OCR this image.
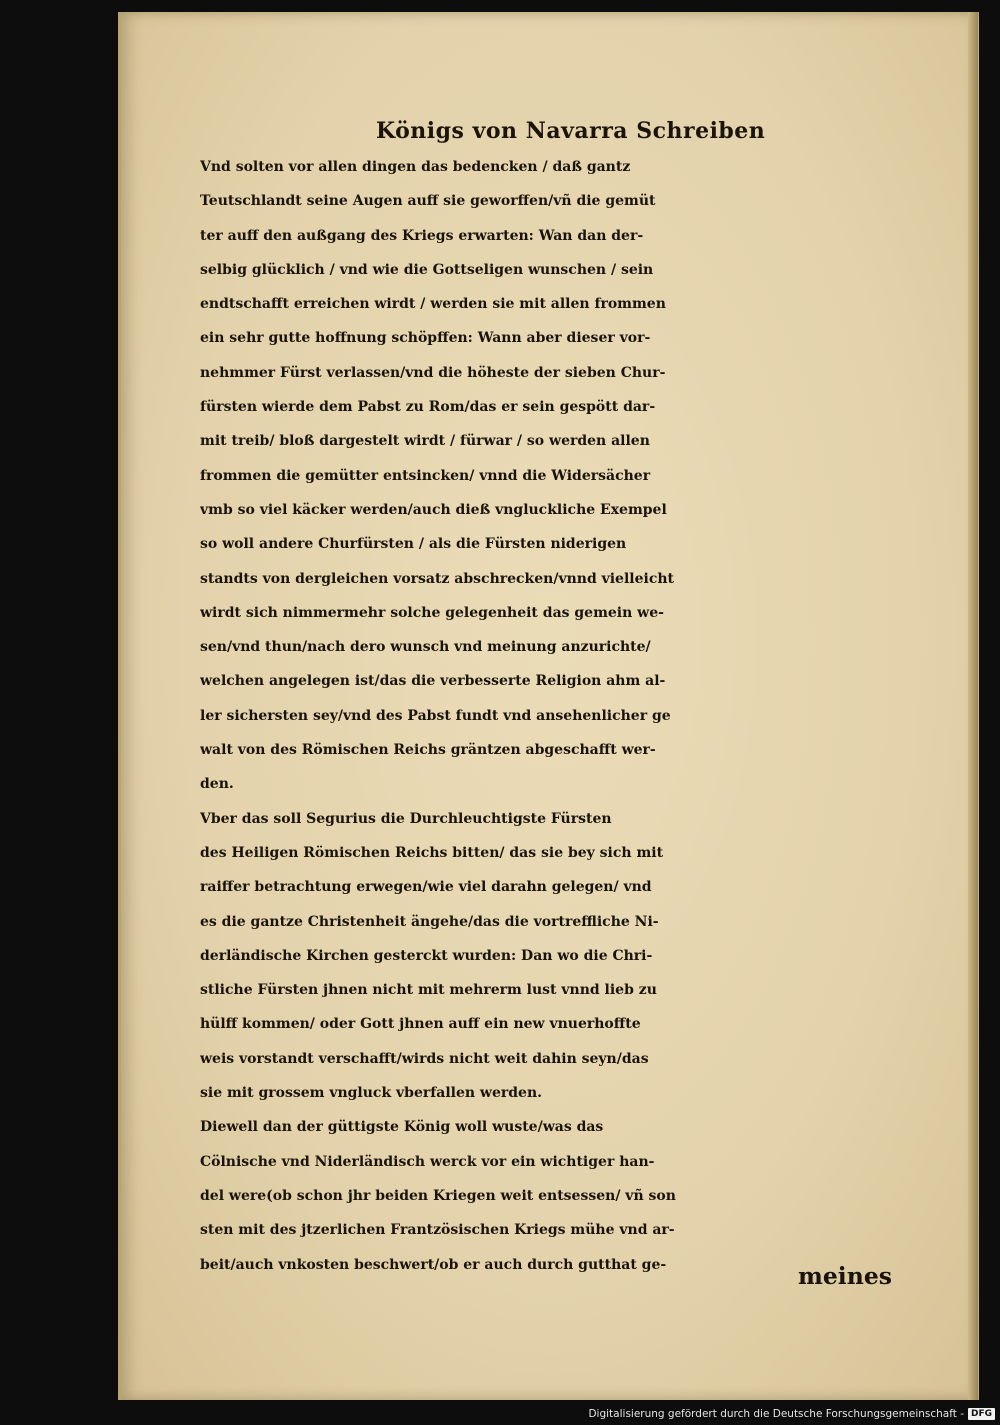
Königs von Navarra Schreiben
Vnd solten vor allen dingen das bedencken / daß gantz
Teutschlandt seine Augen auff sie geworffen/vñ die gemüt
ter auff den außgang des Kriegs erwarten: Wan dan der-
selbig glücklich / vnd wie die Gottseligen wunschen / sein
endtschafft erreichen wirdt / werden sie mit allen frommen
ein sehr gutte hoffnung schöpffen: Wann aber dieser vor-
nehmmer Fürst verlassen/vnd die höheste der sieben Chur-
fürsten wierde dem Pabst zu Rom/das er sein gespött dar-
mit treib/ bloß dargestelt wirdt / fürwar / so werden allen
frommen die gemütter entsincken/ vnnd die Widersächer
vmb so viel käcker werden/auch dieß vngluckliche Exempel
so woll andere Churfürsten / als die Fürsten niderigen
standts von dergleichen vorsatz abschrecken/vnnd vielleicht
wirdt sich nimmermehr solche gelegenheit das gemein we-
sen/vnd thun/nach dero wunsch vnd meinung anzurichte/
welchen angelegen ist/das die verbesserte Religion ahm al-
ler sichersten sey/vnd des Pabst fundt vnd ansehenlicher ge
walt von des Römischen Reichs gräntzen abgeschafft wer-
den.
Vber das soll Segurius die Durchleuchtigste Fürsten
des Heiligen Römischen Reichs bitten/ das sie bey sich mit
raiffer betrachtung erwegen/wie viel darahn gelegen/ vnd
es die gantze Christenheit ängehe/das die vortreffliche Ni-
derländische Kirchen gesterckt wurden: Dan wo die Chri-
stliche Fürsten jhnen nicht mit mehrerm lust vnnd lieb zu
hülff kommen/ oder Gott jhnen auff ein new vnuerhoffte
weis vorstandt verschafft/wirds nicht weit dahin seyn/das
sie mit grossem vngluck vberfallen werden.
Diewell dan der güttigste König woll wuste/was das
Cölnische vnd Niderländisch werck vor ein wichtiger han-
del were(ob schon jhr beiden Kriegen weit entsessen/ vñ son
sten mit des jtzerlichen Frantzösischen Kriegs mühe vnd ar-
beit/auch vnkosten beschwert/ob er auch durch gutthat ge-	meines
Digitalisierung gefördert durch die Deutsche Forschungsgemeinschaft - DFG
